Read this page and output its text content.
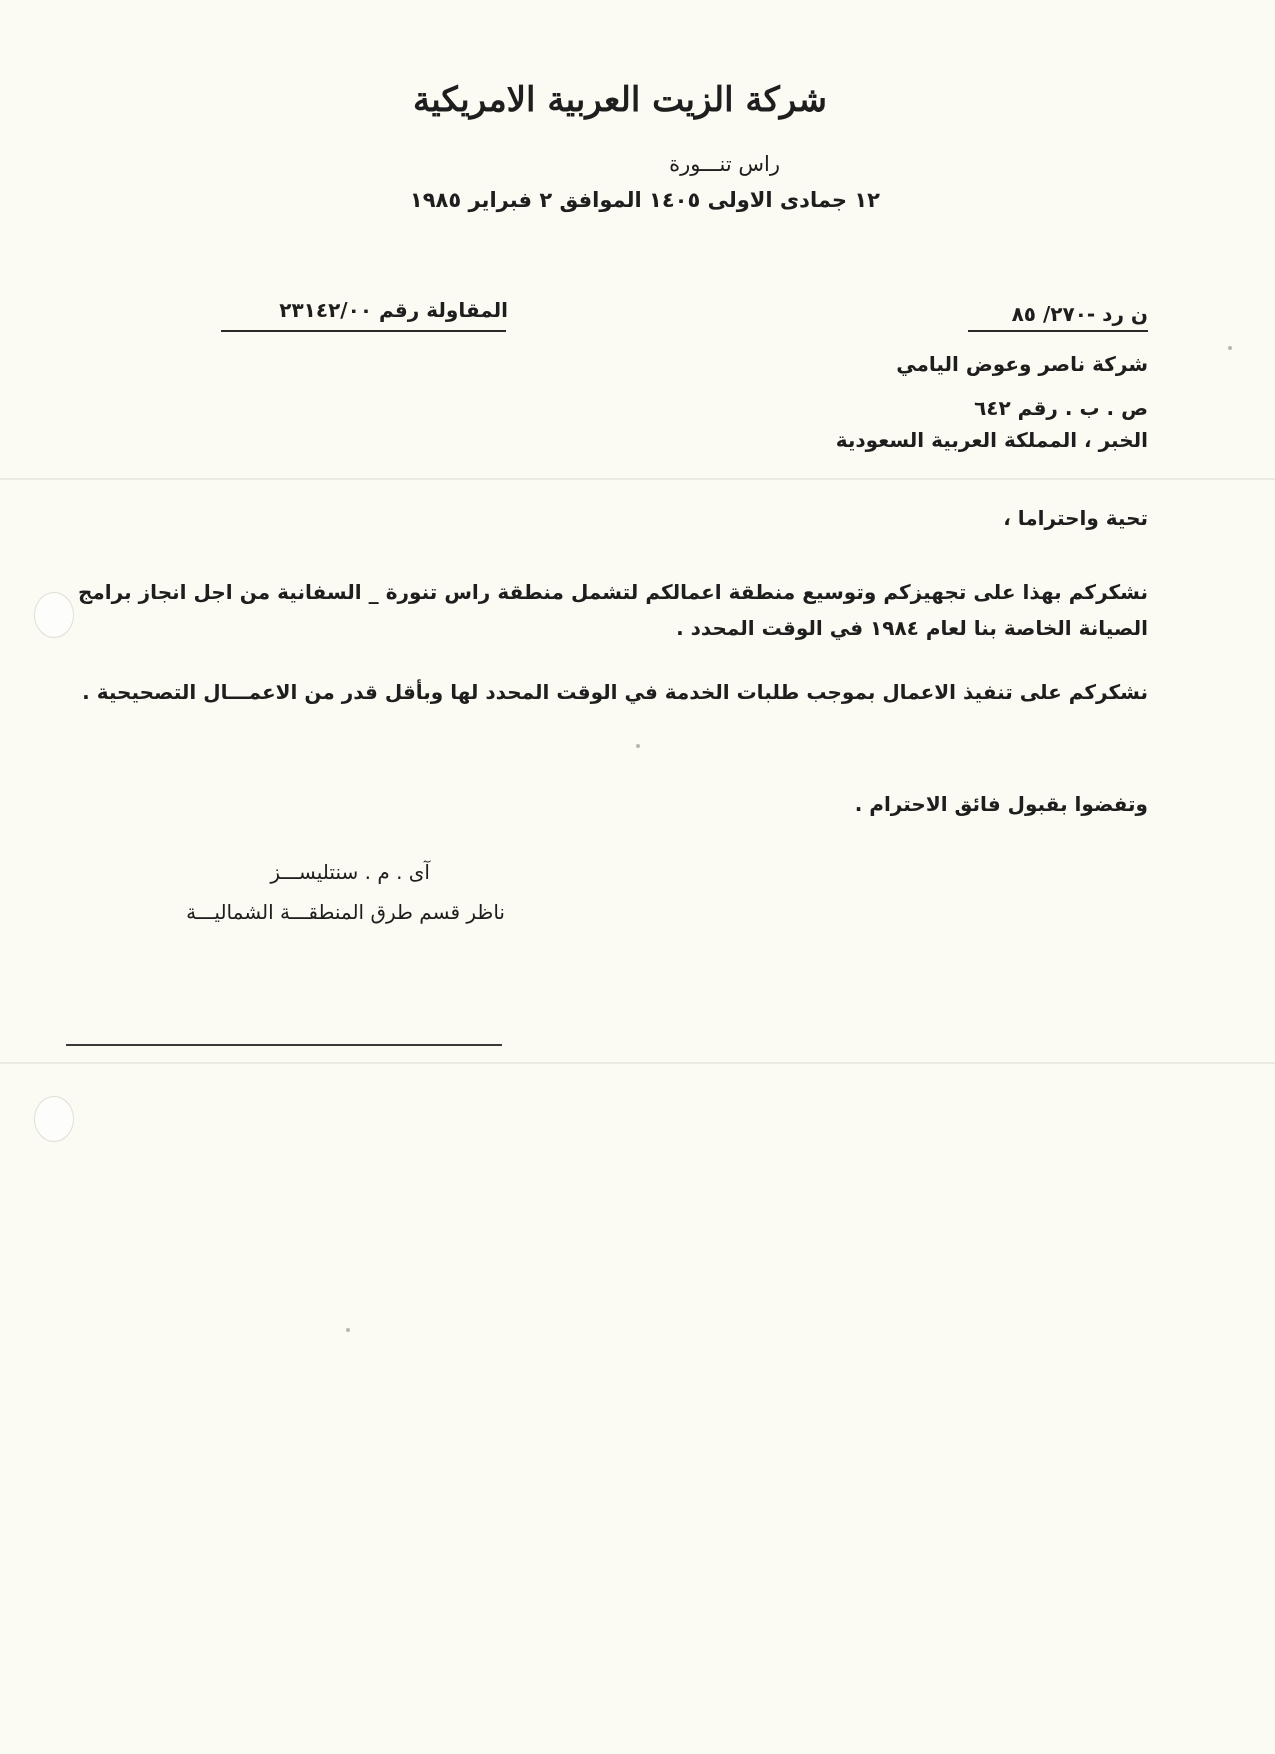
شركة الزيت العربية الامريكية
راس تنـــورة
١٢ جمادى الاولى ١٤٠٥ الموافق ٢ فبراير ١٩٨٥
المقاولة رقم ٢٣١٤٢/٠٠	ن رد -٢٧٠/ ٨٥
شركة ناصر وعوض اليامي
ص . ب . رقم ٦٤٢
الخبر ، المملكة العربية السعودية
تحية واحتراما ،
نشكركم بهذا على تجهيزكم وتوسيع منطقة اعمالكم لتشمل منطقة راس تنورة _ السفانية من اجل انجاز برامج الصيانة الخاصة بنا لعام ١٩٨٤ في الوقت المحدد .
نشكركم على تنفيذ الاعمال بموجب طلبات الخدمة في الوقت المحدد لها وبأقل قدر من الاعمـــال التصحيحية .
وتفضوا بقبول فائق الاحترام .
آى . م . سنتليســـز
ناظر قسم طرق المنطقـــة الشماليـــة
